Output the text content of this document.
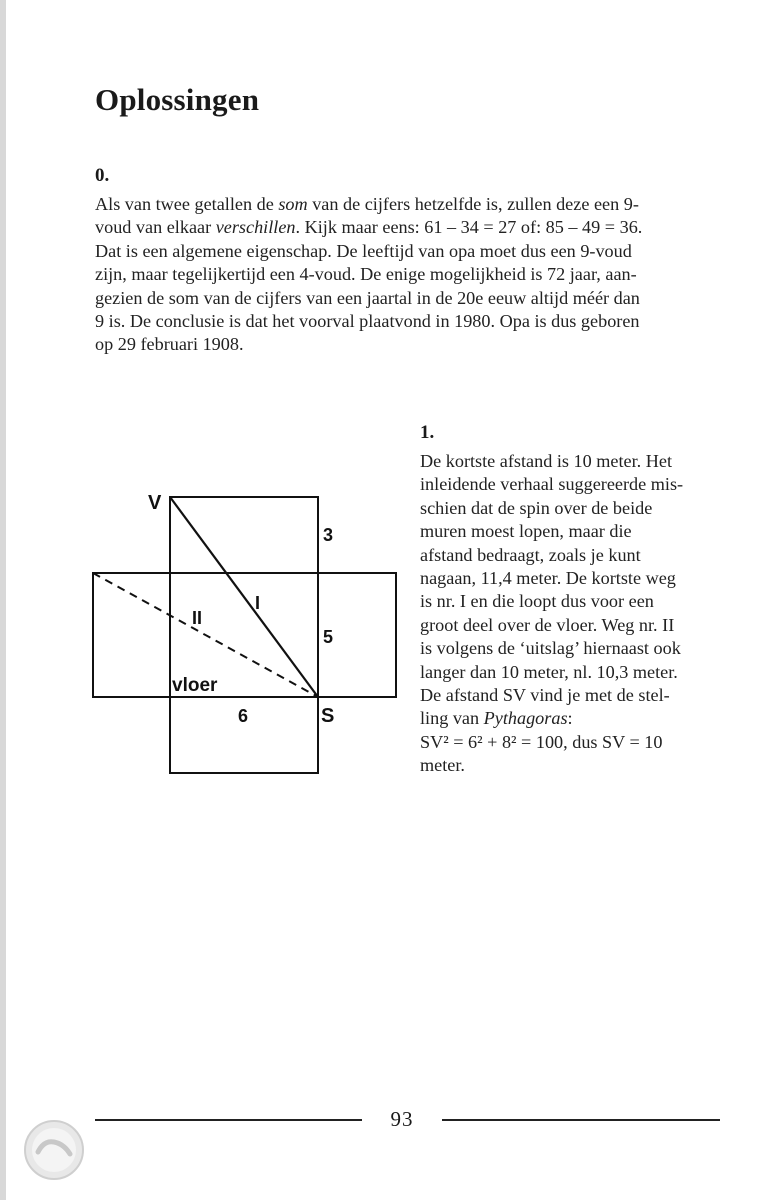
Oplossingen
0.
Als van twee getallen de som van de cijfers hetzelfde is, zullen deze een 9-
voud van elkaar verschillen. Kijk maar eens: 61 – 34 = 27 of: 85 – 49 = 36.
Dat is een algemene eigenschap. De leeftijd van opa moet dus een 9-voud
zijn, maar tegelijkertijd een 4-voud. De enige mogelijkheid is 72 jaar, aan-
gezien de som van de cijfers van een jaartal in de 20e eeuw altijd méér dan
9 is. De conclusie is dat het voorval plaatvond in 1980. Opa is dus geboren
op 29 februari 1908.
V
3
5
6	S
I
II
vloer
1.
De kortste afstand is 10 meter. Het
inleidende verhaal suggereerde mis-
schien dat de spin over de beide
muren moest lopen, maar die
afstand bedraagt, zoals je kunt
nagaan, 11,4 meter. De kortste weg
is nr. I en die loopt dus voor een
groot deel over de vloer. Weg nr. II
is volgens de ‘uitslag’ hiernaast ook
langer dan 10 meter, nl. 10,3 meter.
De afstand SV vind je met de stel-
ling van Pythagoras:
SV² = 6² + 8² = 100, dus SV = 10
meter.
93
